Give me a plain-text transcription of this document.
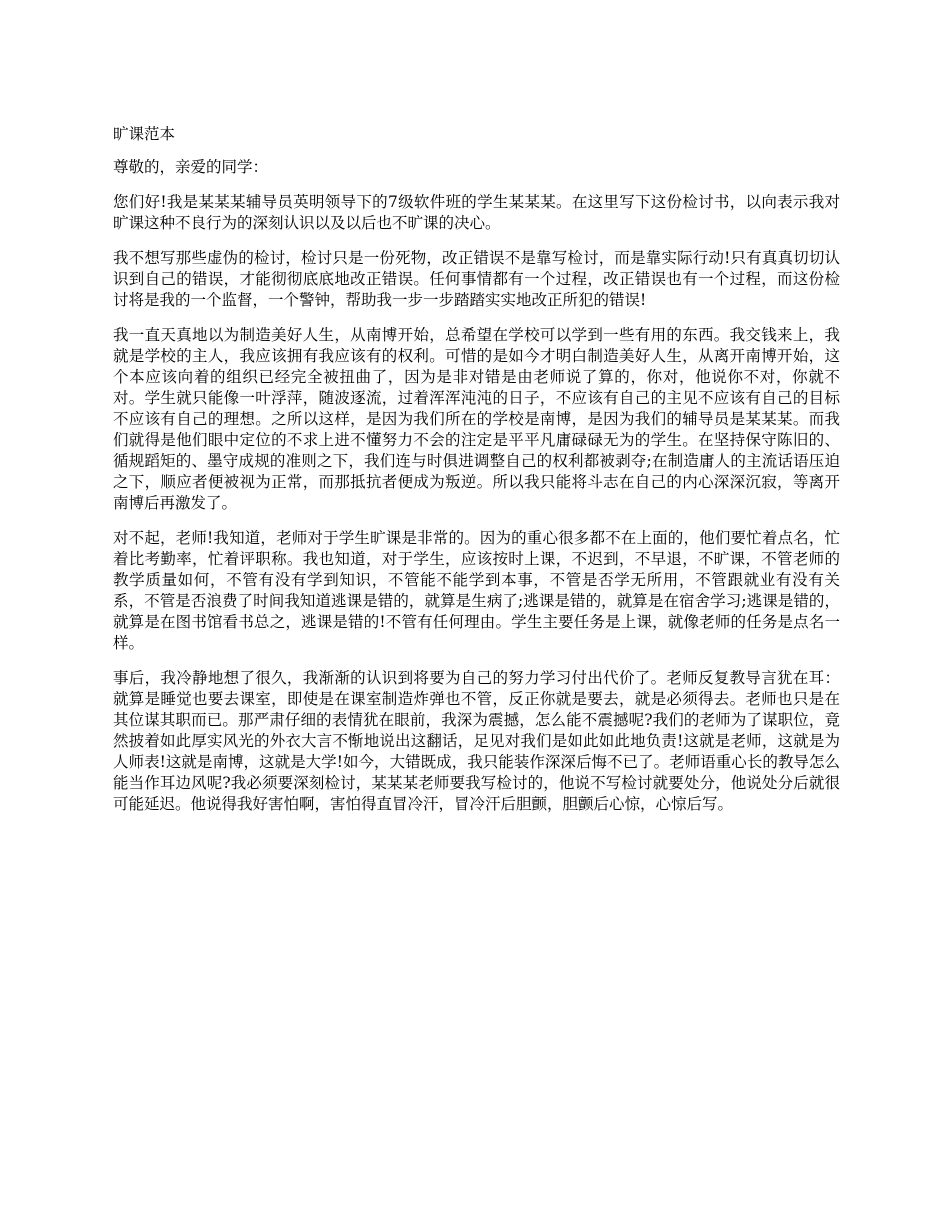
旷课范本
尊敬的，亲爱的同学：

您们好!我是某某某辅导员英明领导下的7级软件班的学生某某某。在这里写下这份检讨书，以向表示我对旷课这种不良行为的深刻认识以及以后也不旷课的决心。

我不想写那些虚伪的检讨，检讨只是一份死物，改正错误不是靠写检讨，而是靠实际行动!只有真真切切认识到自己的错误，才能彻彻底底地改正错误。任何事情都有一个过程，改正错误也有一个过程，而这份检讨将是我的一个监督，一个警钟，帮助我一步一步踏踏实实地改正所犯的错误!

我一直天真地以为制造美好人生，从南博开始，总希望在学校可以学到一些有用的东西。我交钱来上，我就是学校的主人，我应该拥有我应该有的权利。可惜的是如今才明白制造美好人生，从离开南博开始，这个本应该向着的组织已经完全被扭曲了，因为是非对错是由老师说了算的，你对，他说你不对，你就不对。学生就只能像一叶浮萍，随波逐流，过着浑浑沌沌的日子，不应该有自己的主见不应该有自己的目标不应该有自己的理想。之所以这样，是因为我们所在的学校是南博，是因为我们的辅导员是某某某。而我们就得是他们眼中定位的不求上进不懂努力不会的注定是平平凡庸碌碌无为的学生。在坚持保守陈旧的、循规蹈矩的、墨守成规的准则之下，我们连与时俱进调整自己的权利都被剥夺;在制造庸人的主流话语压迫之下，顺应者便被视为正常，而那抵抗者便成为叛逆。所以我只能将斗志在自己的内心深深沉寂，等离开南博后再激发了。

对不起，老师!我知道，老师对于学生旷课是非常的。因为的重心很多都不在上面的，他们要忙着点名，忙着比考勤率，忙着评职称。我也知道，对于学生，应该按时上课，不迟到，不早退，不旷课，不管老师的教学质量如何，不管有没有学到知识，不管能不能学到本事，不管是否学无所用，不管跟就业有没有关系，不管是否浪费了时间我知道逃课是错的，就算是生病了;逃课是错的，就算是在宿舍学习;逃课是错的，就算是在图书馆看书总之，逃课是错的!不管有任何理由。学生主要任务是上课，就像老师的任务是点名一样。

事后，我冷静地想了很久，我渐渐的认识到将要为自己的努力学习付出代价了。老师反复教导言犹在耳：就算是睡觉也要去课室，即使是在课室制造炸弹也不管，反正你就是要去，就是必须得去。老师也只是在其位谋其职而已。那严肃仔细的表情犹在眼前，我深为震撼，怎么能不震撼呢?我们的老师为了谋职位，竟然披着如此厚实风光的外衣大言不惭地说出这翻话，足见对我们是如此如此地负责!这就是老师，这就是为人师表!这就是南博，这就是大学!如今，大错既成，我只能装作深深后悔不已了。老师语重心长的教导怎么能当作耳边风呢?我必须要深刻检讨，某某某老师要我写检讨的，他说不写检讨就要处分，他说处分后就很可能延迟。他说得我好害怕啊，害怕得直冒冷汗，冒冷汗后胆颤，胆颤后心惊，心惊后写。
